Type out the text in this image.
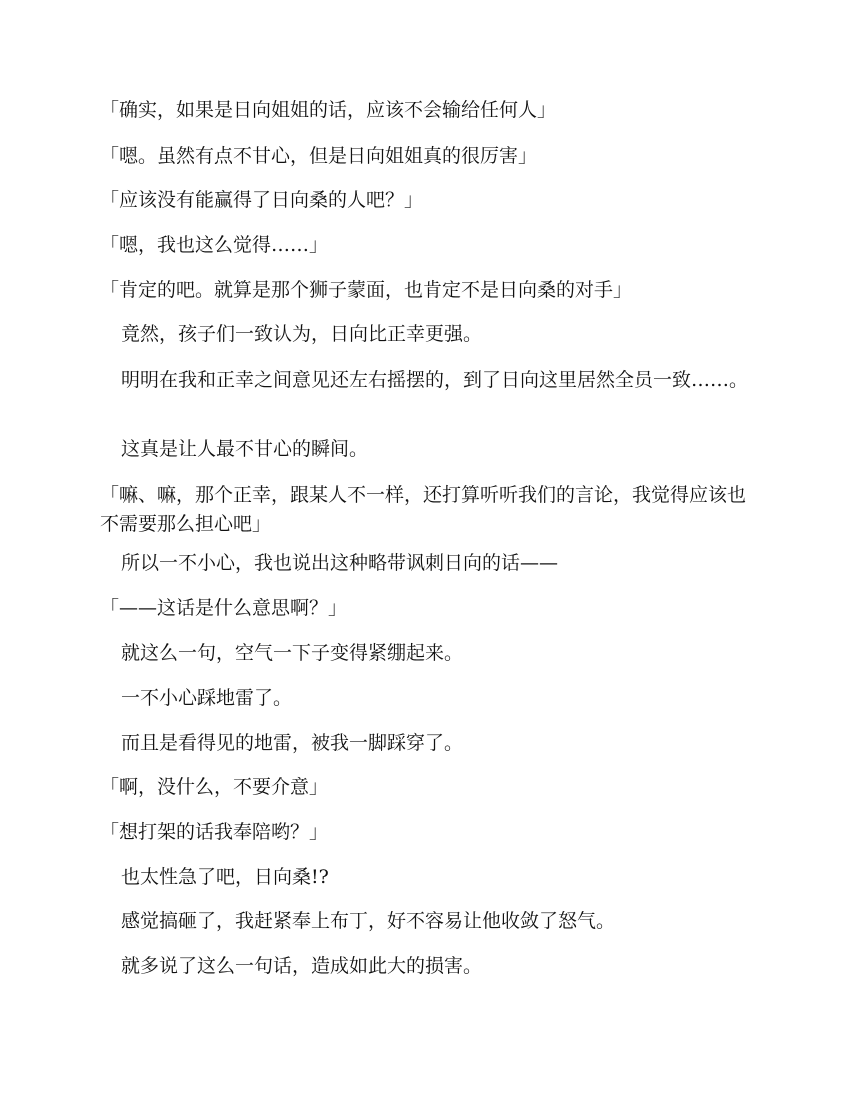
「确实，如果是日向姐姐的话，应该不会输给任何人」

「嗯。虽然有点不甘心，但是日向姐姐真的很厉害」

「应该没有能赢得了日向桑的人吧？」

「嗯，我也这么觉得……」

「肯定的吧。就算是那个狮子蒙面，也肯定不是日向桑的对手」

竟然，孩子们一致认为，日向比正幸更强。

明明在我和正幸之间意见还左右摇摆的，到了日向这里居然全员一致……。

这真是让人最不甘心的瞬间。

「嘛、嘛，那个正幸，跟某人不一样，还打算听听我们的言论，我觉得应该也不需要那么担心吧」

所以一不小心，我也说出这种略带讽刺日向的话——

「——这话是什么意思啊？」

就这么一句，空气一下子变得紧绷起来。

一不小心踩地雷了。

而且是看得见的地雷，被我一脚踩穿了。

「啊，没什么，不要介意」

「想打架的话我奉陪哟？」

也太性急了吧，日向桑!?

感觉搞砸了，我赶紧奉上布丁，好不容易让他收敛了怒气。

就多说了这么一句话，造成如此大的损害。
